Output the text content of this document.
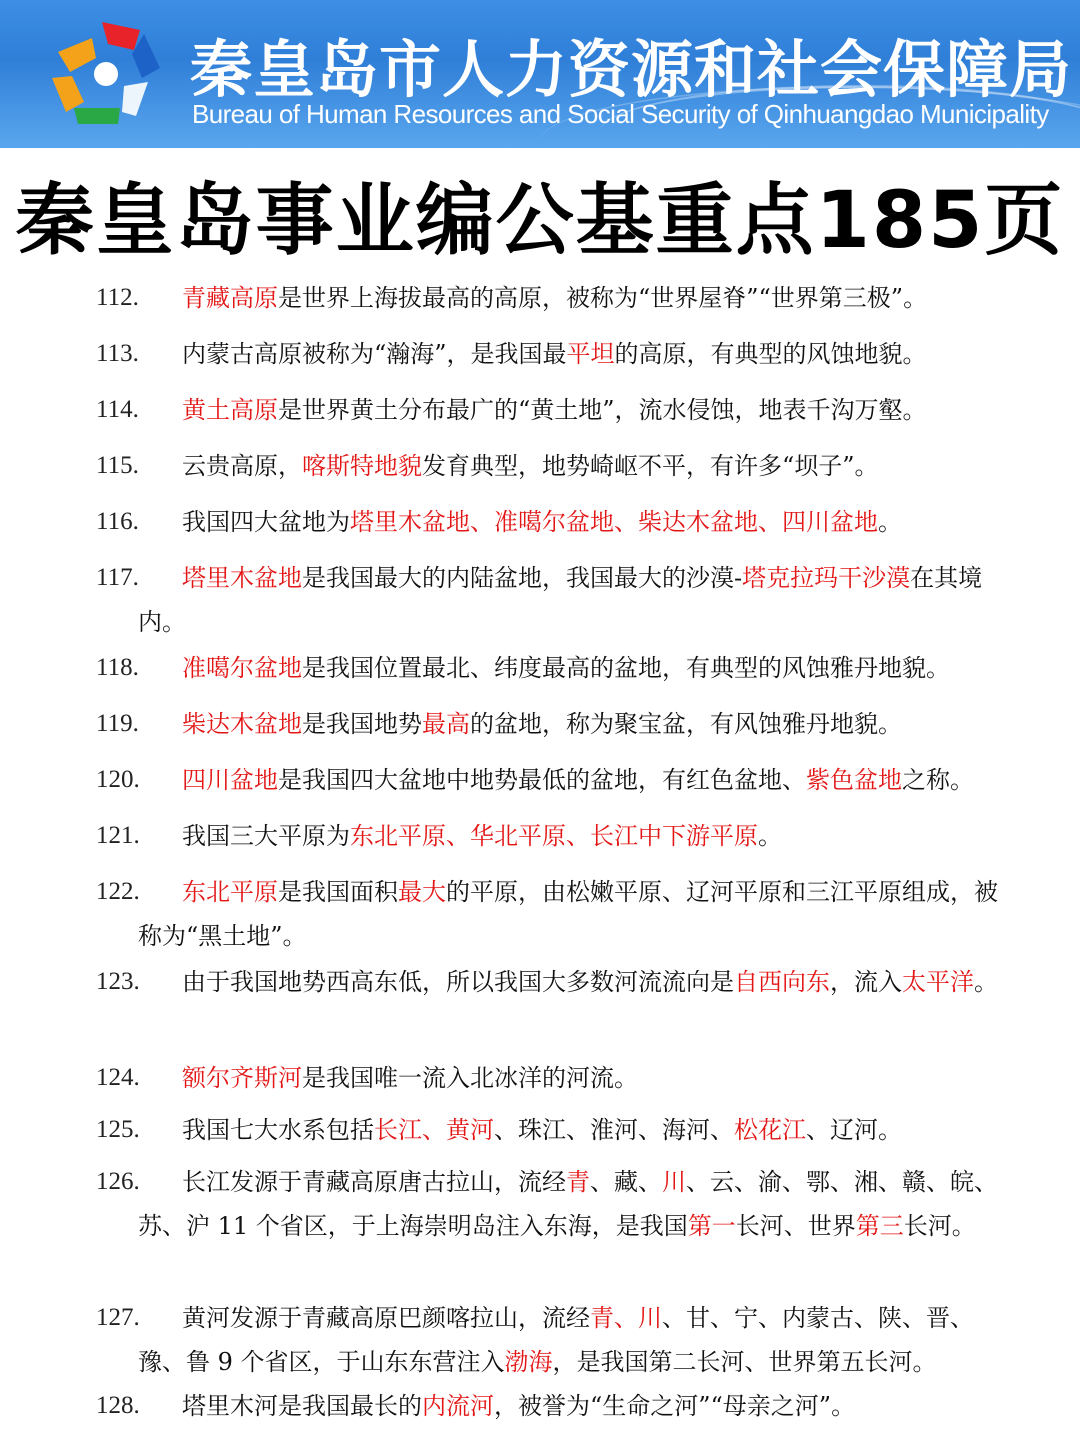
秦皇岛市人力资源和社会保障局

Bureau of Human Resources and Social Security of Qinhuangdao Municipality

秦皇岛事业编公基重点185页
112.	青藏高原是世界上海拔最高的高原，被称为“世界屋脊”“世界第三极”。

113.	内蒙古高原被称为“瀚海”，是我国最平坦的高原，有典型的风蚀地貌。

114.	黄土高原是世界黄土分布最广的“黄土地”，流水侵蚀，地表千沟万壑。

115.	云贵高原，喀斯特地貌发育典型，地势崎岖不平，有许多“坝子”。

116.	我国四大盆地为塔里木盆地、准噶尔盆地、柴达木盆地、四川盆地。

117.	塔里木盆地是我国最大的内陆盆地，我国最大的沙漠-塔克拉玛干沙漠在其境内。

118.	准噶尔盆地是我国位置最北、纬度最高的盆地，有典型的风蚀雅丹地貌。

119.	柴达木盆地是我国地势最高的盆地，称为聚宝盆，有风蚀雅丹地貌。

120.	四川盆地是我国四大盆地中地势最低的盆地，有红色盆地、紫色盆地之称。

121.	我国三大平原为东北平原、华北平原、长江中下游平原。

122.	东北平原是我国面积最大的平原，由松嫩平原、辽河平原和三江平原组成，被称为“黑土地”。

123.	由于我国地势西高东低，所以我国大多数河流流向是自西向东，流入太平洋。

124.	额尔齐斯河是我国唯一流入北冰洋的河流。

125.	我国七大水系包括长江、黄河、珠江、淮河、海河、松花江、辽河。

126.	长江发源于青藏高原唐古拉山，流经青、藏、川、云、渝、鄂、湘、赣、皖、苏、沪 11 个省区，于上海崇明岛注入东海，是我国第一长河、世界第三长河。

127.	黄河发源于青藏高原巴颜喀拉山，流经青、川、甘、宁、内蒙古、陕、晋、豫、鲁 9 个省区，于山东东营注入渤海，是我国第二长河、世界第五长河。

128.	塔里木河是我国最长的内流河，被誉为“生命之河”“母亲之河”。
